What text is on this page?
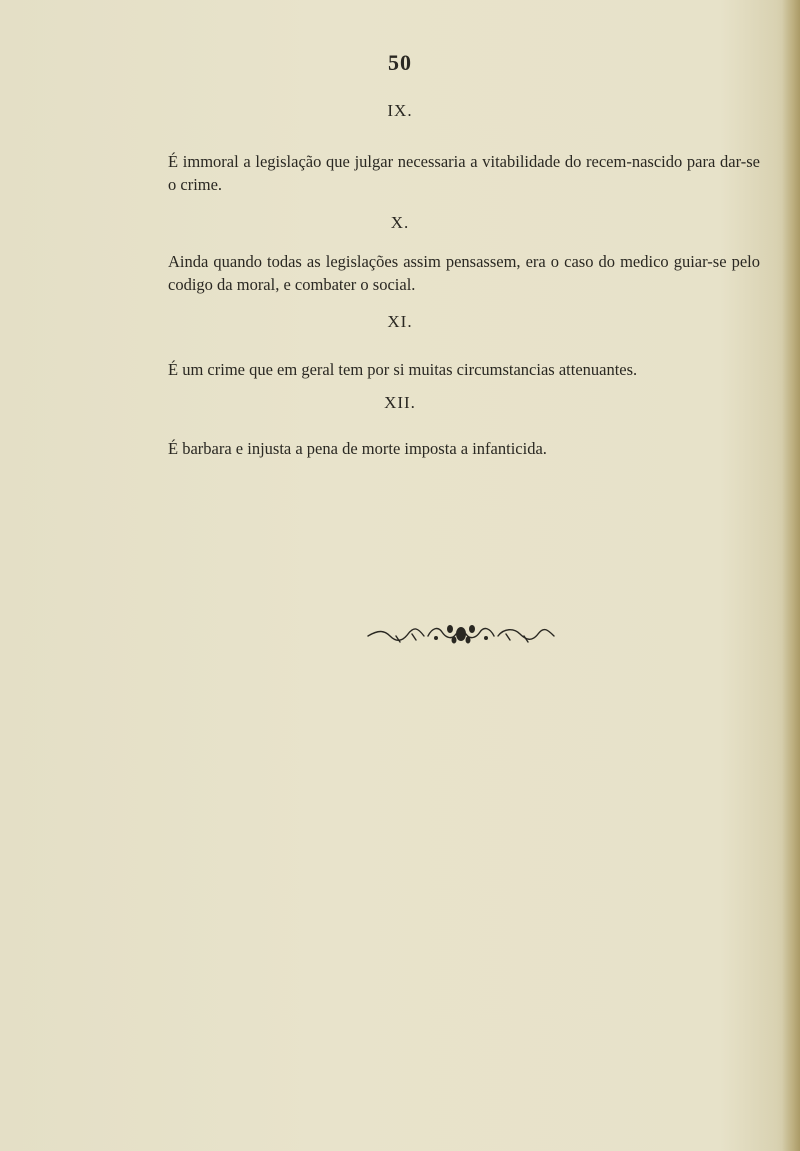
50
IX.
É immoral a legislação que julgar necessaria a vitabilidade do recem-nascido para dar-se o crime.
X.
Ainda quando todas as legislações assim pensassem, era o caso do medico guiar-se pelo codigo da moral, e combater o social.
XI.
É um crime que em geral tem por si muitas circumstancias attenuantes.
XII.
É barbara e injusta a pena de morte imposta a infanticida.
